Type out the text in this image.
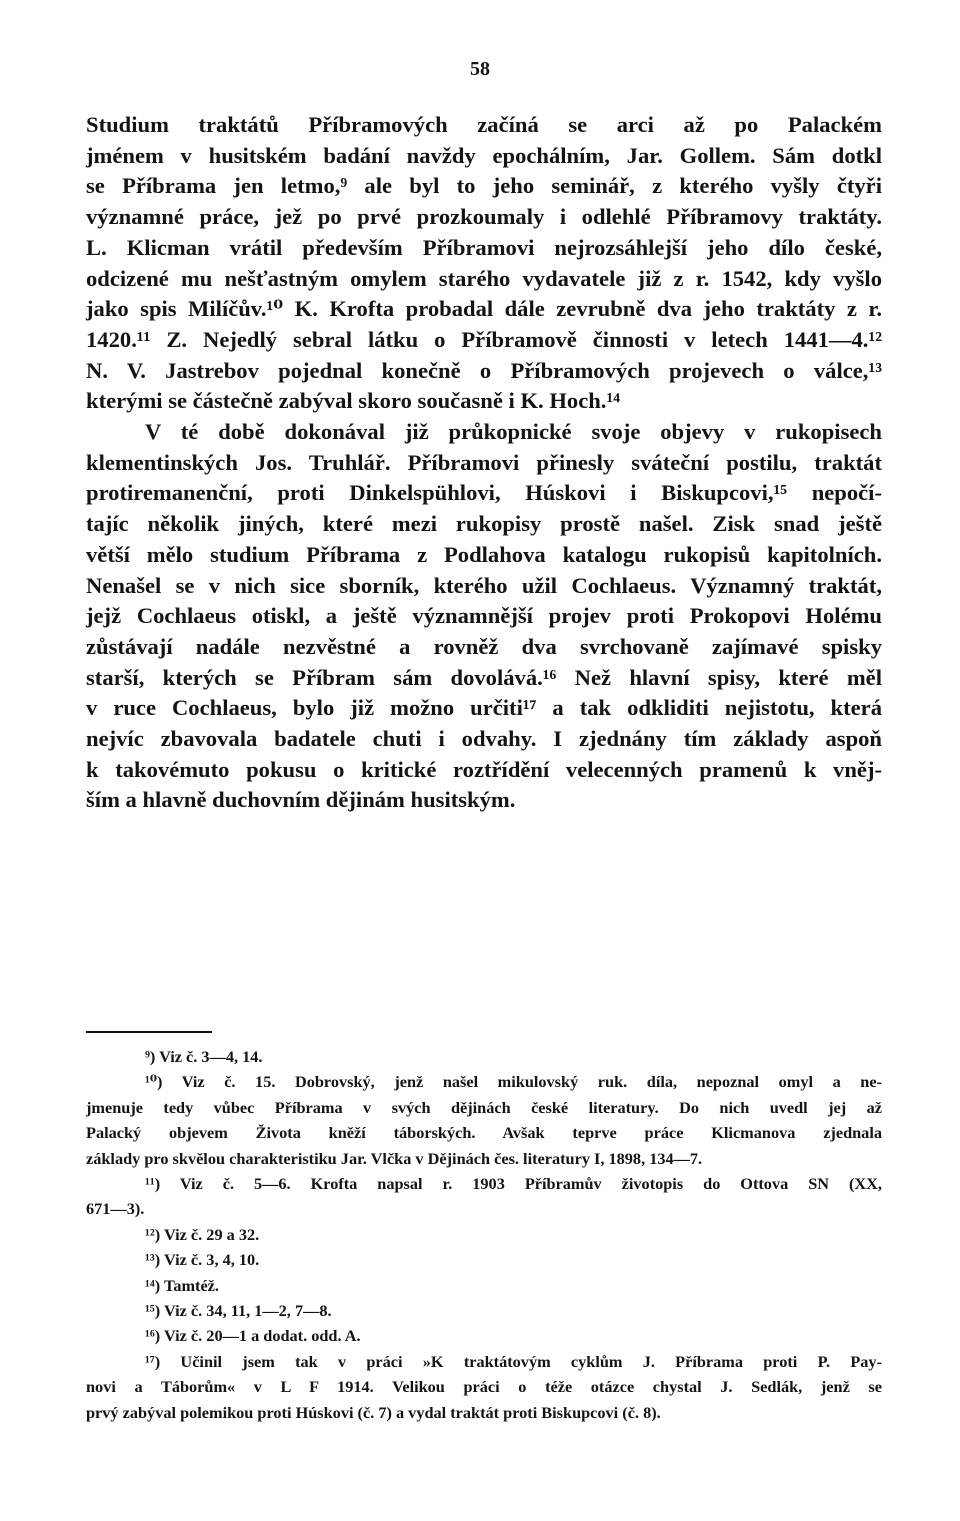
58
Studium traktátů Příbramových začíná se arci až po Palackém
jménem v husitském badání navždy epochálním, Jar. Gollem. Sám dotkl
se Příbrama jen letmo,⁹ ale byl to jeho seminář, z kterého vyšly čtyři
významné práce, jež po prvé prozkoumaly i odlehlé Příbramovy traktáty.
L. Klicman vrátil především Příbramovi nejrozsáhlejší jeho dílo české,
odcizené mu nešťastným omylem starého vydavatele již z r. 1542, kdy vyšlo
jako spis Milíčův.¹⁰ K. Krofta probadal dále zevrubně dva jeho traktáty z r.
1420.¹¹ Z. Nejedlý sebral látku o Příbramově činnosti v letech 1441—4.¹²
N. V. Jastrebov pojednal konečně o Příbramových projevech o válce,¹³
kterými se částečně zabýval skoro současně i K. Hoch.¹⁴
V té době dokonával již průkopnické svoje objevy v rukopisech
klementinských Jos. Truhlář. Příbramovi přinesly sváteční postilu, traktát
protiremanenční, proti Dinkelspühlovi, Húskovi i Biskupcovi,¹⁵ nepočí-
tajíc několik jiných, které mezi rukopisy prostě našel. Zisk snad ještě
větší mělo studium Příbrama z Podlahova katalogu rukopisů kapitolních.
Nenašel se v nich sice sborník, kterého užil Cochlaeus. Významný traktát,
jejž Cochlaeus otiskl, a ještě významnější projev proti Prokopovi Holému
zůstávají nadále nezvěstné a rovněž dva svrchovaně zajímavé spisky
starší, kterých se Příbram sám dovolává.¹⁶ Než hlavní spisy, které měl
v ruce Cochlaeus, bylo již možno určiti¹⁷ a tak odkliditi nejistotu, která
nejvíc zbavovala badatele chuti i odvahy. I zjednány tím základy aspoň
k takovémuto pokusu o kritické roztřídění velecenných pramenů k vněj-
ším a hlavně duchovním dějinám husitským.
⁹) Viz č. 3—4, 14.
¹⁰) Viz č. 15. Dobrovský, jenž našel mikulovský ruk. díla, nepoznal omyl a ne-
jmenuje tedy vůbec Příbrama v svých dějinách české literatury. Do nich uvedl jej až
Palacký objevem Života kněží táborských. Avšak teprve práce Klicmanova zjednala
základy pro skvělou charakteristiku Jar. Vlčka v Dějinách čes. literatury I, 1898, 134—7.
¹¹) Viz č. 5—6. Krofta napsal r. 1903 Příbramův životopis do Ottova SN (XX,
671—3).
¹²) Viz č. 29 a 32.
¹³) Viz č. 3, 4, 10.
¹⁴) Tamtéž.
¹⁵) Viz č. 34, 11, 1—2, 7—8.
¹⁶) Viz č. 20—1 a dodat. odd. A.
¹⁷) Učinil jsem tak v práci »K traktátovým cyklům J. Příbrama proti P. Pay-
novi a Táborům« v L F 1914. Velikou práci o téže otázce chystal J. Sedlák, jenž se
prvý zabýval polemikou proti Húskovi (č. 7) a vydal traktát proti Biskupcovi (č. 8).
